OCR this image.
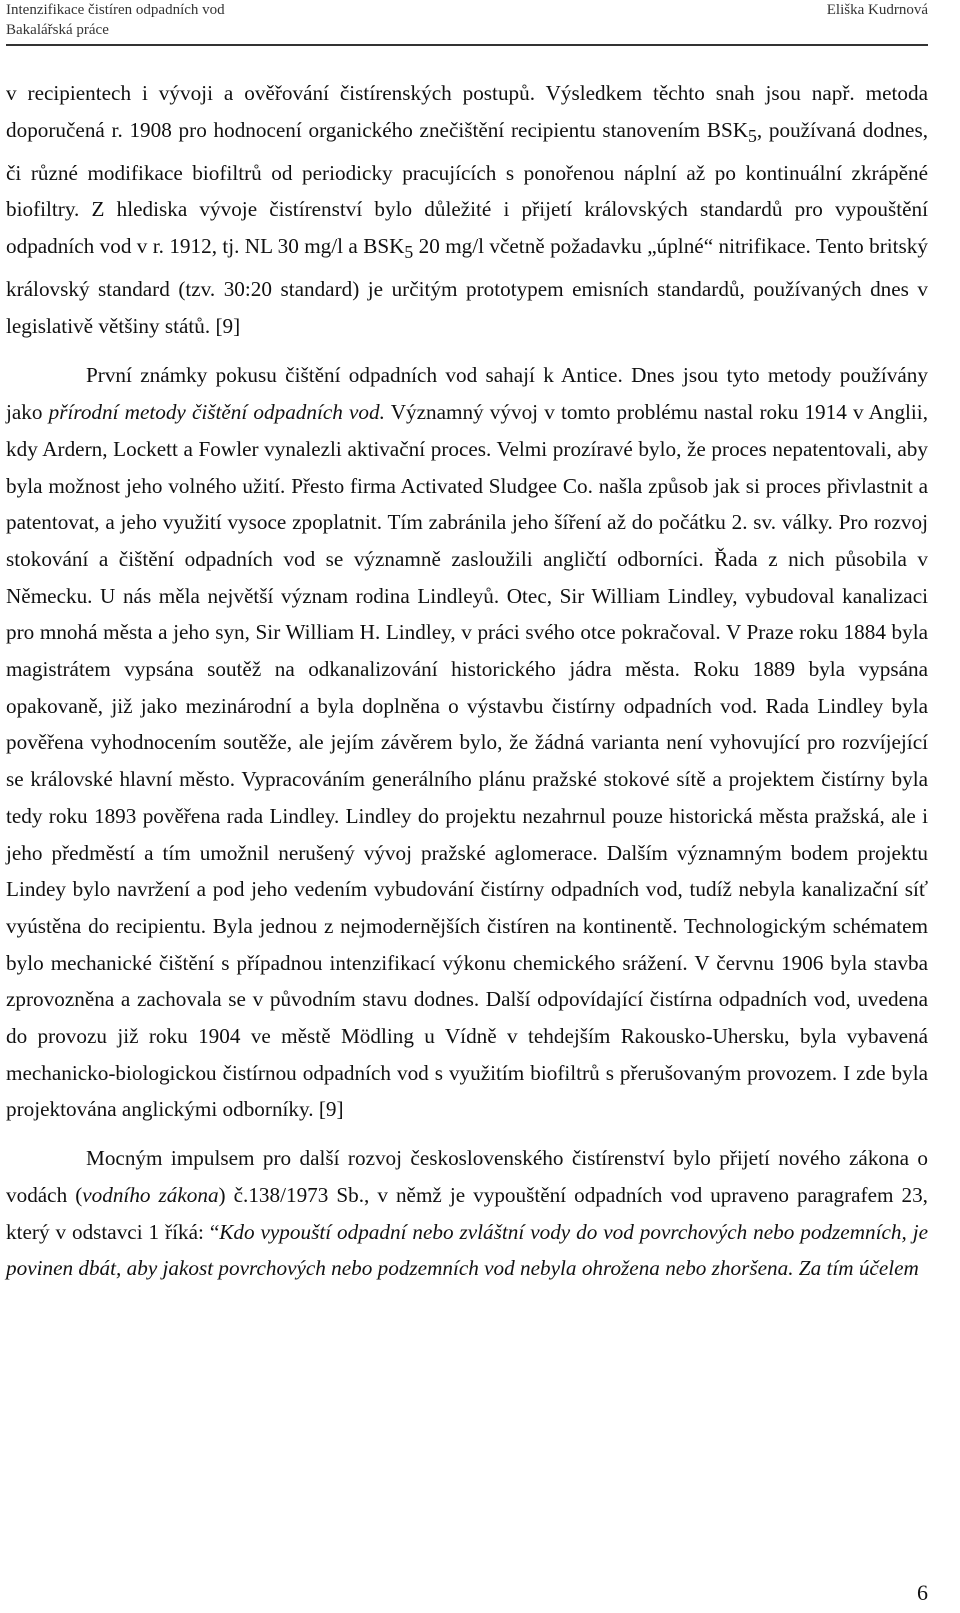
Intenzifikace čistíren odpadních vod
Bakalářská práce
Eliška Kudrnová

v recipientech i vývoji a ověřování čistírenských postupů. Výsledkem těchto snah jsou např. metoda doporučená r. 1908 pro hodnocení organického znečištění recipientu stanovením $BSK_5$, používaná dodnes, či různé modifikace biofiltrů od periodicky pracujících s ponořenou náplní až po kontinuální zkrápěné biofiltry. Z hlediska vývoje čistírenství bylo důležité i přijetí královských standardů pro vypouštění odpadních vod v r. 1912, tj. NL 30 mg/l a $BSK_5$ 20 mg/l včetně požadavku „úplné“ nitrifikace. Tento britský královský standard (tzv. 30:20 standard) je určitým prototypem emisních standardů, používaných dnes v legislativě většiny států. [9]

První známky pokusu čištění odpadních vod sahají k Antice. Dnes jsou tyto metody používány jako přírodní metody čištění odpadních vod. Významný vývoj v tomto problému nastal roku 1914 v Anglii, kdy Ardern, Lockett a Fowler vynalezli aktivační proces. Velmi prozíravé bylo, že proces nepatentovali, aby byla možnost jeho volného užití. Přesto firma Activated Sludgee Co. našla způsob jak si proces přivlastnit a patentovat, a jeho využití vysoce zpoplatnit. Tím zabránila jeho šíření až do počátku 2. sv. války. Pro rozvoj stokování a čištění odpadních vod se významně zasloužili angličtí odborníci. Řada z nich působila v Německu. U nás měla největší význam rodina Lindleyů. Otec, Sir William Lindley, vybudoval kanalizaci pro mnohá města a jeho syn, Sir William H. Lindley, v práci svého otce pokračoval. V Praze roku 1884 byla magistrátem vypsána soutěž na odkanalizování historického jádra města. Roku 1889 byla vypsána opakovaně, již jako mezinárodní a byla doplněna o výstavbu čistírny odpadních vod. Rada Lindley byla pověřena vyhodnocením soutěže, ale jejím závěrem bylo, že žádná varianta není vyhovující pro rozvíjející se královské hlavní město. Vypracováním generálního plánu pražské stokové sítě a projektem čistírny byla tedy roku 1893 pověřena rada Lindley. Lindley do projektu nezahrnul pouze historická města pražská, ale i jeho předměstí a tím umožnil nerušený vývoj pražské aglomerace. Dalším významným bodem projektu Lindey bylo navržení a pod jeho vedením vybudování čistírny odpadních vod, tudíž nebyla kanalizační síť vyústěna do recipientu. Byla jednou z nejmodernějších čistíren na kontinentě. Technologickým schématem bylo mechanické čištění s případnou intenzifikací výkonu chemického srážení. V červnu 1906 byla stavba zprovozněna a zachovala se v původním stavu dodnes. Další odpovídající čistírna odpadních vod, uvedena do provozu již roku 1904 ve městě Mödling u Vídně v tehdejším Rakousko-Uhersku, byla vybavená mechanicko-biologickou čistírnou odpadních vod s využitím biofiltrů s přerušovaným provozem. I zde byla projektována anglickými odborníky. [9]

Mocným impulsem pro další rozvoj československého čistírenství bylo přijetí nového zákona o vodách (vodního zákona) č.138/1973 Sb., v němž je vypouštění odpadních vod upraveno paragrafem 23, který v odstavci 1 říká: “Kdo vypouští odpadní nebo zvláštní vody do vod povrchových nebo podzemních, je povinen dbát, aby jakost povrchových nebo podzemních vod nebyla ohrožena nebo zhoršena. Za tím účelem

6
